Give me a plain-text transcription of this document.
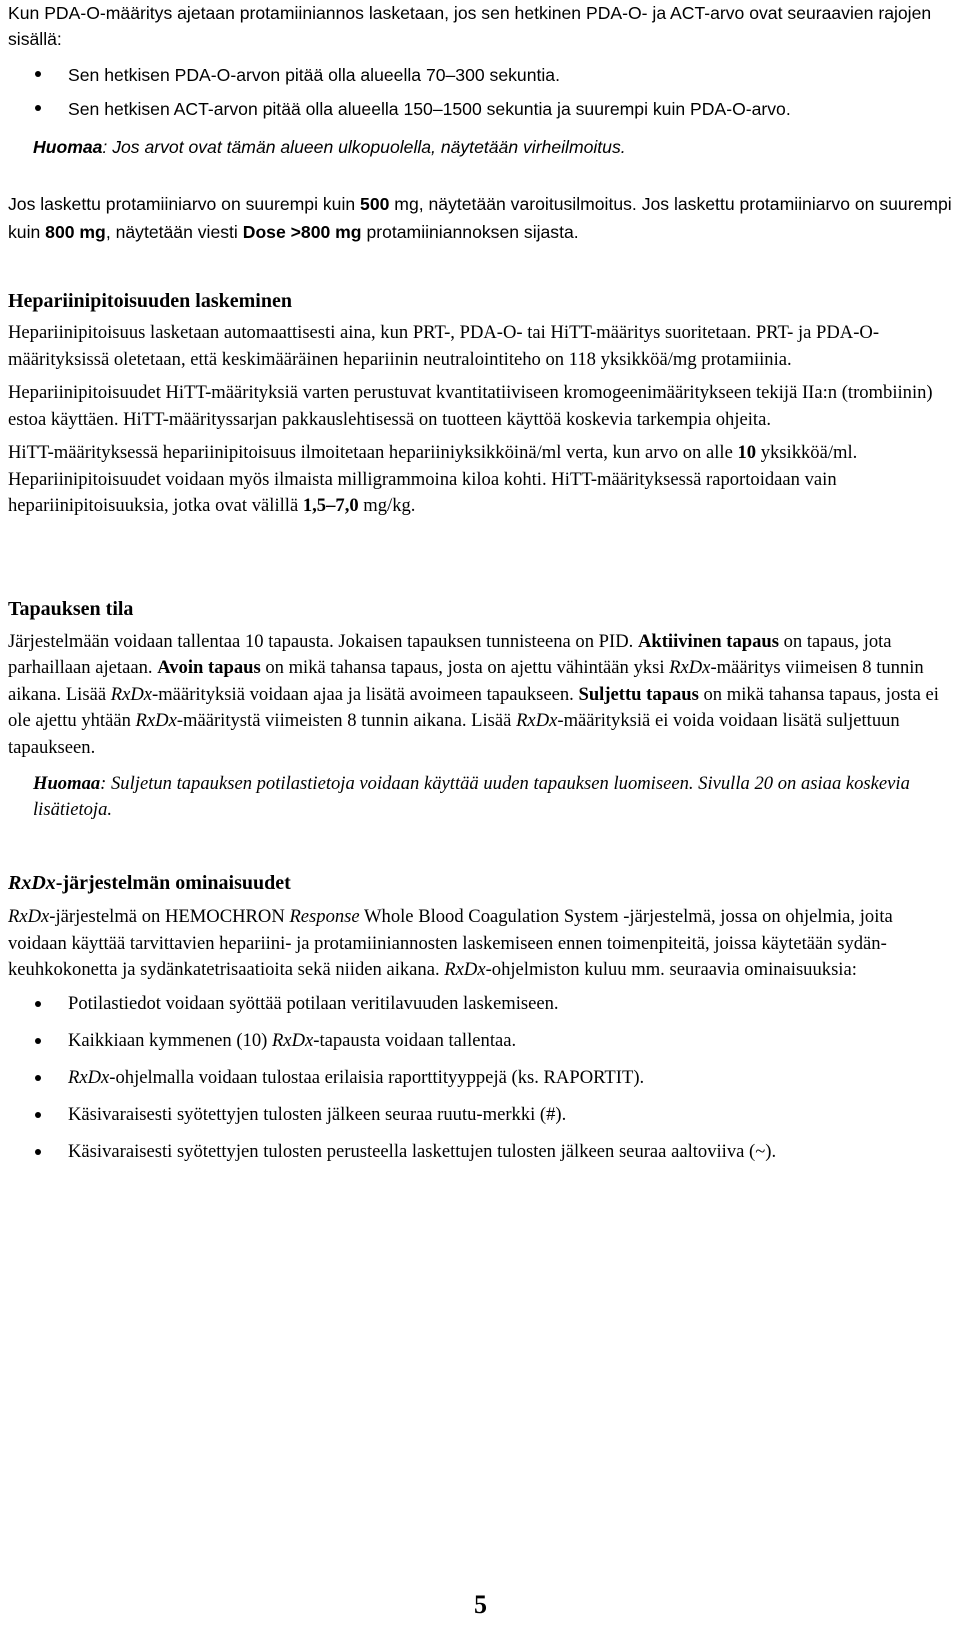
Kun PDA-O-määritys ajetaan protamiiniannos lasketaan, jos sen hetkinen PDA-O- ja ACT-arvo ovat seuraavien rajojen sisällä:

Sen hetkisen PDA-O-arvon pitää olla alueella 70–300 sekuntia.
Sen hetkisen ACT-arvon pitää olla alueella 150–1500 sekuntia ja suurempi kuin PDA-O-arvo.

Huomaa: Jos arvot ovat tämän alueen ulkopuolella, näytetään virheilmoitus.

Jos laskettu protamiiniarvo on suurempi kuin 500 mg, näytetään varoitusilmoitus. Jos laskettu protamiiniarvo on suurempi kuin 800 mg, näytetään viesti Dose >800 mg protamiiniannoksen sijasta.

Hepariinipitoisuuden laskeminen

Hepariinipitoisuus lasketaan automaattisesti aina, kun PRT-, PDA-O- tai HiTT-määritys suoritetaan. PRT- ja PDA-O-määrityksissä oletetaan, että keskimääräinen hepariinin neutralointiteho on 118 yksikköä/mg protamiinia.

Hepariinipitoisuudet HiTT-määrityksiä varten perustuvat kvantitatiiviseen kromogeenimääritykseen tekijä IIa:n (trombiinin) estoa käyttäen. HiTT-määrityssarjan pakkauslehtisessä on tuotteen käyttöä koskevia tarkempia ohjeita.

HiTT-määrityksessä hepariinipitoisuus ilmoitetaan hepariiniyksikköinä/ml verta, kun arvo on alle 10 yksikköä/ml. Hepariinipitoisuudet voidaan myös ilmaista milligrammoina kiloa kohti. HiTT-määrityksessä raportoidaan vain hepariinipitoisuuksia, jotka ovat välillä 1,5–7,0 mg/kg.

Tapauksen tila

Järjestelmään voidaan tallentaa 10 tapausta. Jokaisen tapauksen tunnisteena on PID. Aktiivinen tapaus on tapaus, jota parhaillaan ajetaan. Avoin tapaus on mikä tahansa tapaus, josta on ajettu vähintään yksi RxDx-määritys viimeisen 8 tunnin aikana. Lisää RxDx-määrityksiä voidaan ajaa ja lisätä avoimeen tapaukseen. Suljettu tapaus on mikä tahansa tapaus, josta ei ole ajettu yhtään RxDx-määritystä viimeisten 8 tunnin aikana. Lisää RxDx-määrityksiä ei voida voidaan lisätä suljettuun tapaukseen.

Huomaa: Suljetun tapauksen potilastietoja voidaan käyttää uuden tapauksen luomiseen. Sivulla 20 on asiaa koskevia lisätietoja.

RxDx-järjestelmän ominaisuudet

RxDx-järjestelmä on HEMOCHRON Response Whole Blood Coagulation System -järjestelmä, jossa on ohjelmia, joita voidaan käyttää tarvittavien hepariini- ja protamiiniannosten laskemiseen ennen toimenpiteitä, joissa käytetään sydän-keuhkokonetta ja sydänkatetrisaatioita sekä niiden aikana. RxDx-ohjelmiston kuluu mm. seuraavia ominaisuuksia:

Potilastiedot voidaan syöttää potilaan veritilavuuden laskemiseen.
Kaikkiaan kymmenen (10) RxDx-tapausta voidaan tallentaa.
RxDx-ohjelmalla voidaan tulostaa erilaisia raporttityyppejä (ks. RAPORTIT).
Käsivaraisesti syötettyjen tulosten jälkeen seuraa ruutu-merkki (#).
Käsivaraisesti syötettyjen tulosten perusteella laskettujen tulosten jälkeen seuraa aaltoviiva (~).
5
